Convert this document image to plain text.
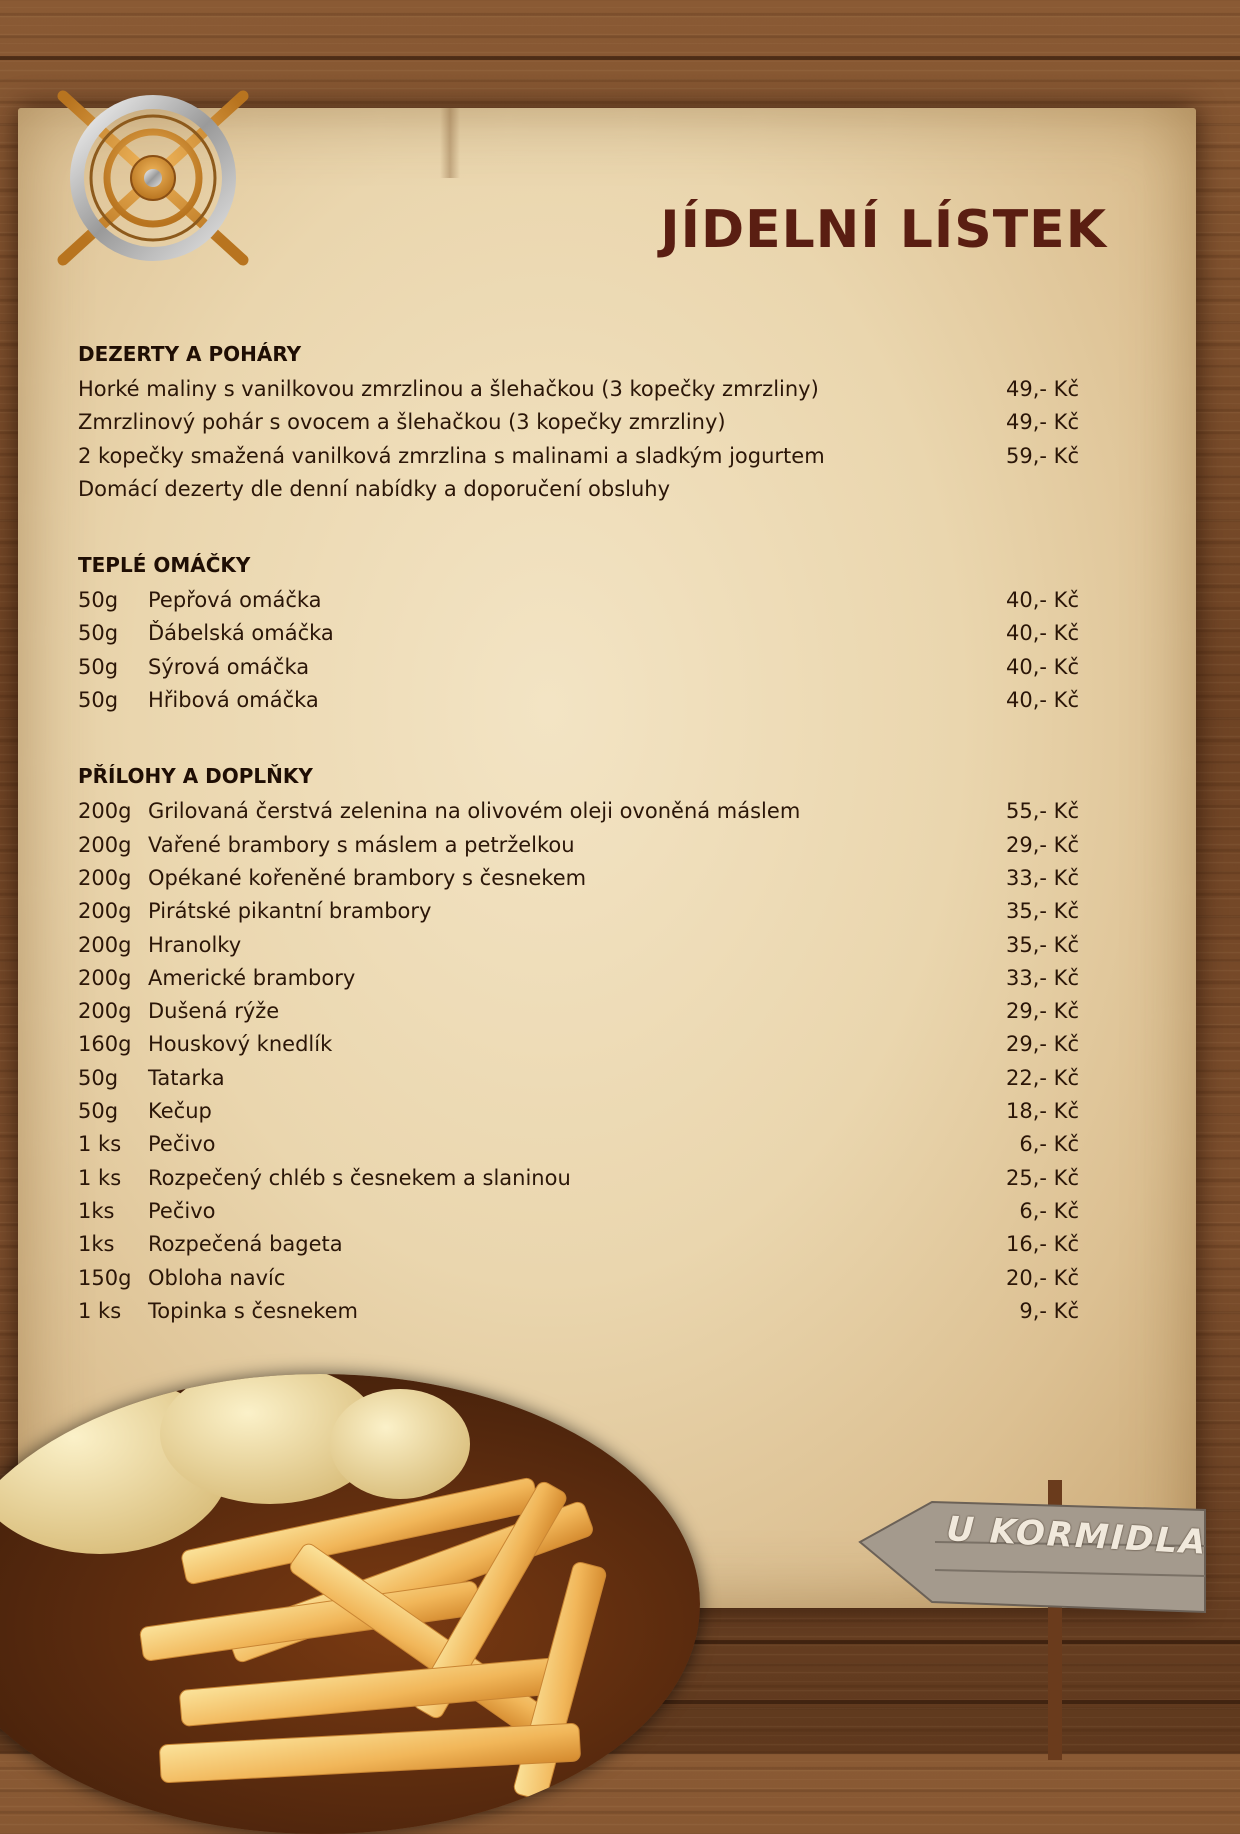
JÍDELNÍ LÍSTEK
DEZERTY A POHÁRY
Horké maliny s vanilkovou zmrzlinou a šlehačkou (3 kopečky zmrzliny)	49,- Kč
Zmrzlinový pohár s ovocem a šlehačkou (3 kopečky zmrzliny)	49,- Kč
2 kopečky smažená vanilková zmrzlina s malinami a sladkým jogurtem	59,- Kč
Domácí dezerty dle denní nabídky a doporučení obsluhy
TEPLÉ OMÁČKY
50g Pepřová omáčka	40,- Kč
50g Ďábelská omáčka	40,- Kč
50g Sýrová omáčka	40,- Kč
50g Hřibová omáčka	40,- Kč
PŘÍLOHY A DOPLŇKY
200g Grilovaná čerstvá zelenina na olivovém oleji ovoněná máslem	55,- Kč
200g Vařené brambory s máslem a petrželkou	29,- Kč
200g Opékané kořeněné brambory s česnekem	33,- Kč
200g Pirátské pikantní brambory	35,- Kč
200g Hranolky	35,- Kč
200g Americké brambory	33,- Kč
200g Dušená rýže	29,- Kč
160g Houskový knedlík	29,- Kč
50g Tatarka	22,- Kč
50g Kečup	18,- Kč
1 ks Pečivo	6,- Kč
1 ks Rozpečený chléb s česnekem a slaninou	25,- Kč
1ks Pečivo	6,- Kč
1ks Rozpečená bageta	16,- Kč
150g Obloha navíc	20,- Kč
1 ks Topinka s česnekem	9,- Kč
U KORMIDLA
